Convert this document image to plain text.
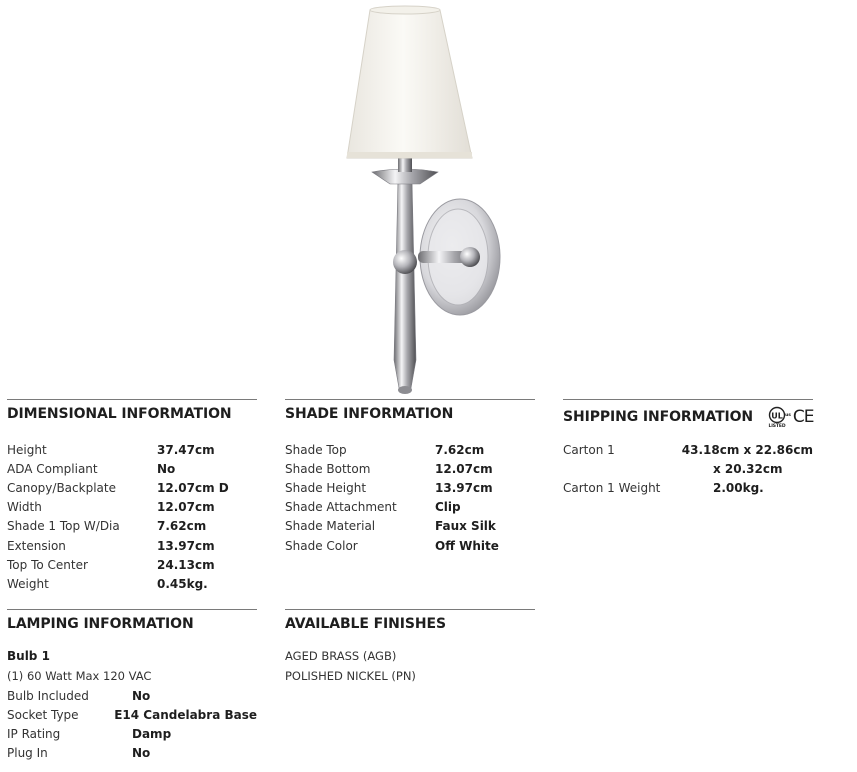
DIMENSIONAL INFORMATION
Height	37.47cm
ADA Compliant	No
Canopy/Backplate	12.07cm D
Width	12.07cm
Shade 1 Top W/Dia	7.62cm
Extension	13.97cm
Top To Center	24.13cm
Weight	0.45kg.
SHADE INFORMATION
Shade Top	7.62cm
Shade Bottom	12.07cm
Shade Height	13.97cm
Shade Attachment	Clip
Shade Material	Faux Silk
Shade Color	Off White
SHIPPING INFORMATION UL
LISTED
us CE
Carton 1	43.18cm x 22.86cm
x 20.32cm
Carton 1 Weight	2.00kg.
LAMPING INFORMATION
Bulb 1
(1) 60 Watt Max 120 VAC
Bulb Included	No
Socket Type	E14 Candelabra Base
IP Rating	Damp
Plug In	No
AVAILABLE FINISHES
AGED BRASS (AGB)
POLISHED NICKEL (PN)
